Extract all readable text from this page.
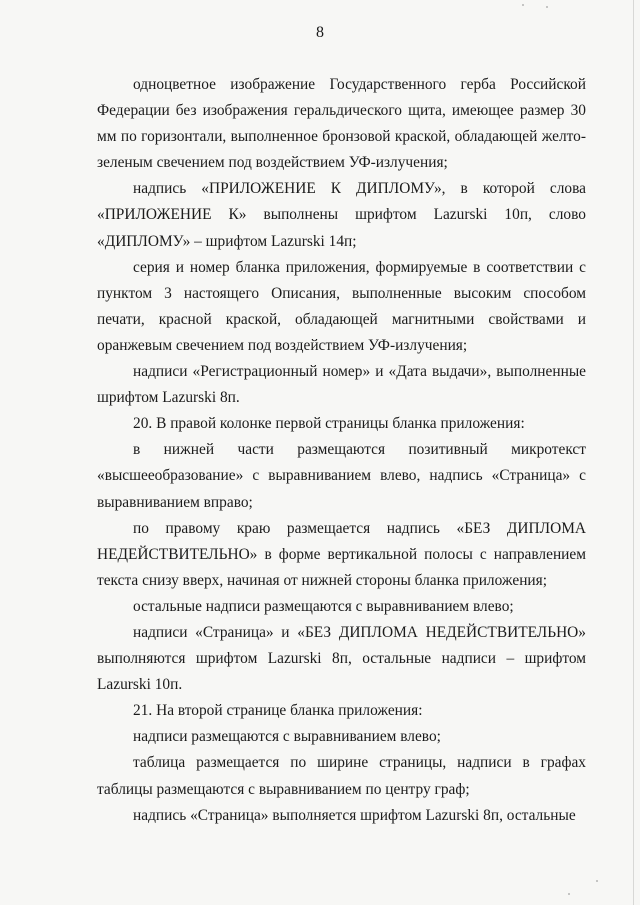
8

одноцветное изображение Государственного герба Российской Федерации без изображения геральдического щита, имеющее размер 30 мм по горизонтали, выполненное бронзовой краской, обладающей желто-зеленым свечением под воздействием УФ-излучения;

надпись «ПРИЛОЖЕНИЕ К ДИПЛОМУ», в которой слова «ПРИЛОЖЕНИЕ К» выполнены шрифтом Lazurski 10п, слово «ДИПЛОМУ» – шрифтом Lazurski 14п;

серия и номер бланка приложения, формируемые в соответствии с пунктом 3 настоящего Описания, выполненные высоким способом печати, красной краской, обладающей магнитными свойствами и оранжевым свечением под воздействием УФ-излучения;

надписи «Регистрационный номер» и «Дата выдачи», выполненные шрифтом Lazurski 8п.

20. В правой колонке первой страницы бланка приложения:

в нижней части размещаются позитивный микротекст «высшееобразование» с выравниванием влево, надпись «Страница» с выравниванием вправо;

по правому краю размещается надпись «БЕЗ ДИПЛОМА НЕДЕЙСТВИТЕЛЬНО» в форме вертикальной полосы с направлением текста снизу вверх, начиная от нижней стороны бланка приложения;

остальные надписи размещаются с выравниванием влево;

надписи «Страница» и «БЕЗ ДИПЛОМА НЕДЕЙСТВИТЕЛЬНО» выполняются шрифтом Lazurski 8п, остальные надписи – шрифтом Lazurski 10п.

21. На второй странице бланка приложения:

надписи размещаются с выравниванием влево;

таблица размещается по ширине страницы, надписи в графах таблицы размещаются с выравниванием по центру граф;

надпись «Страница» выполняется шрифтом Lazurski 8п, остальные
